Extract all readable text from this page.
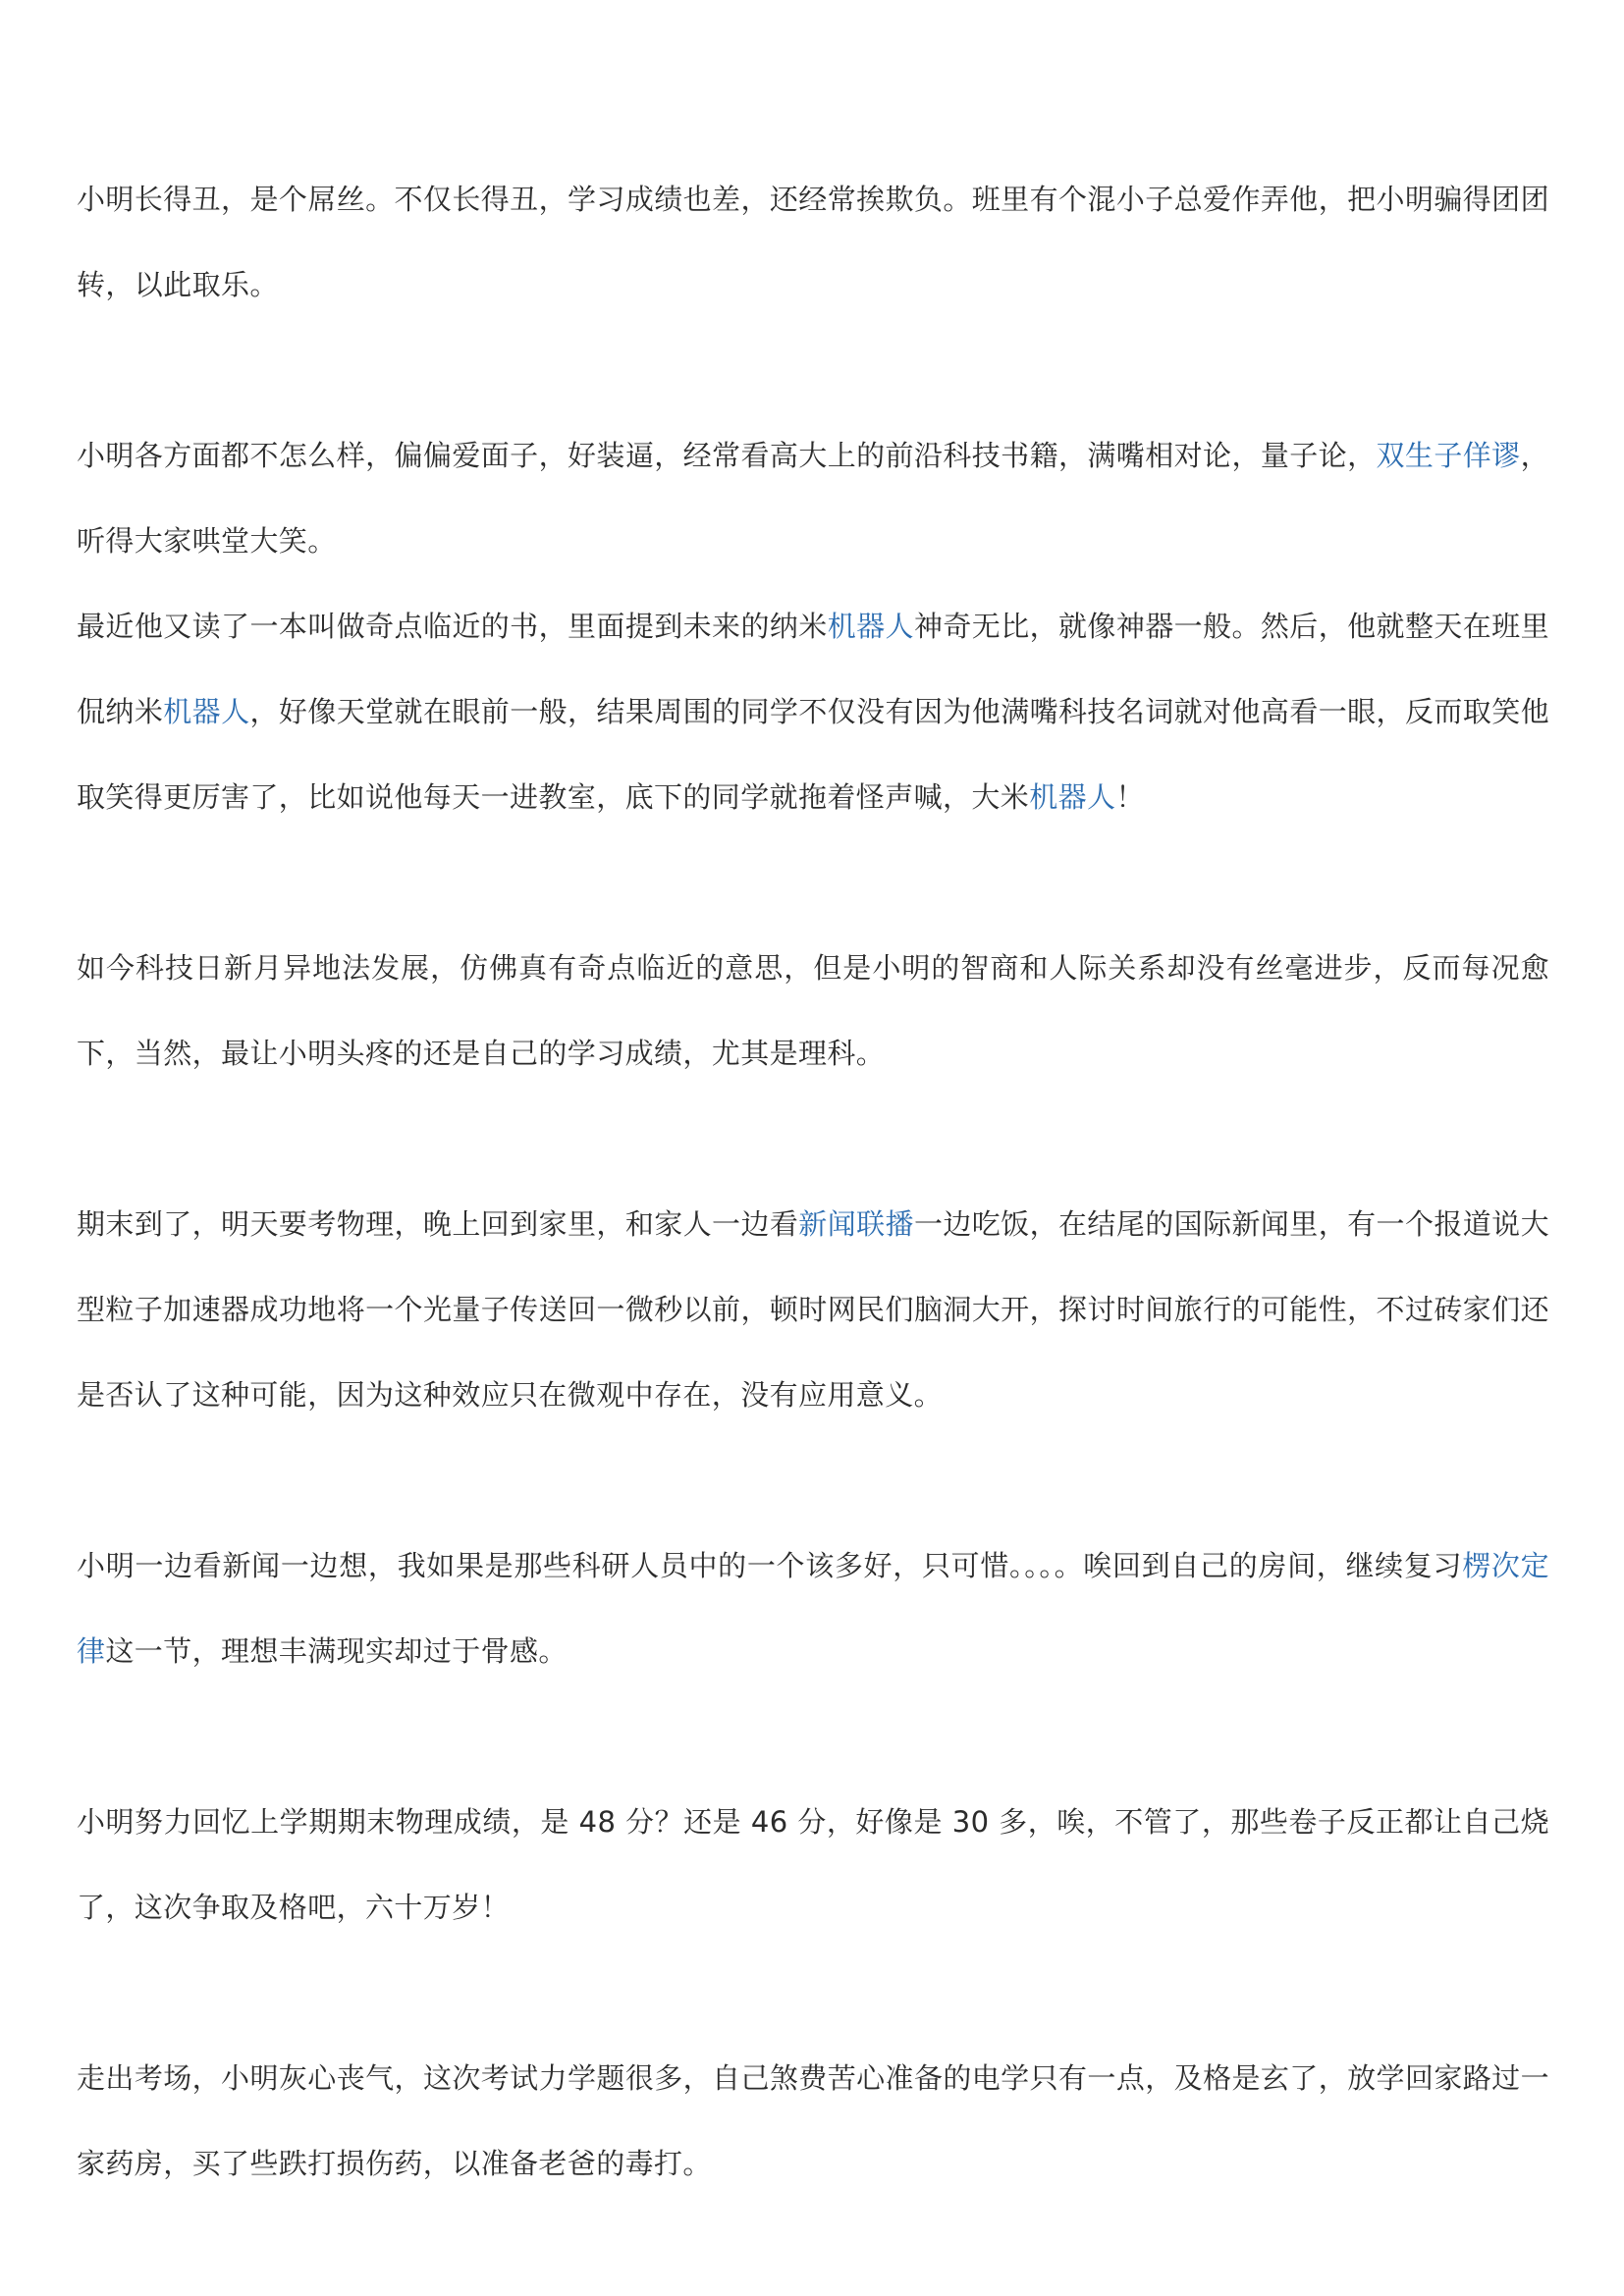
小明长得丑，是个屌丝。不仅长得丑，学习成绩也差，还经常挨欺负。班里有个混小子总爱作弄他，把小明骗得团团转，以此取乐。

小明各方面都不怎么样，偏偏爱面子，好装逼，经常看高大上的前沿科技书籍，满嘴相对论，量子论，双生子佯谬，听得大家哄堂大笑。

最近他又读了一本叫做奇点临近的书，里面提到未来的纳米机器人神奇无比，就像神器一般。然后，他就整天在班里侃纳米机器人，好像天堂就在眼前一般，结果周围的同学不仅没有因为他满嘴科技名词就对他高看一眼，反而取笑他取笑得更厉害了，比如说他每天一进教室，底下的同学就拖着怪声喊，大米机器人！

如今科技日新月异地法发展，仿佛真有奇点临近的意思，但是小明的智商和人际关系却没有丝毫进步，反而每况愈下，当然，最让小明头疼的还是自己的学习成绩，尤其是理科。

期末到了，明天要考物理，晚上回到家里，和家人一边看新闻联播一边吃饭，在结尾的国际新闻里，有一个报道说大型粒子加速器成功地将一个光量子传送回一微秒以前，顿时网民们脑洞大开，探讨时间旅行的可能性，不过砖家们还是否认了这种可能，因为这种效应只在微观中存在，没有应用意义。

小明一边看新闻一边想，我如果是那些科研人员中的一个该多好，只可惜。。。。唉回到自己的房间，继续复习楞次定律这一节，理想丰满现实却过于骨感。

小明努力回忆上学期期末物理成绩，是 48 分？还是 46 分，好像是 30 多，唉，不管了，那些卷子反正都让自己烧了，这次争取及格吧，六十万岁！

走出考场，小明灰心丧气，这次考试力学题很多，自己煞费苦心准备的电学只有一点，及格是玄了，放学回家路过一家药房，买了些跌打损伤药，以准备老爸的毒打。
